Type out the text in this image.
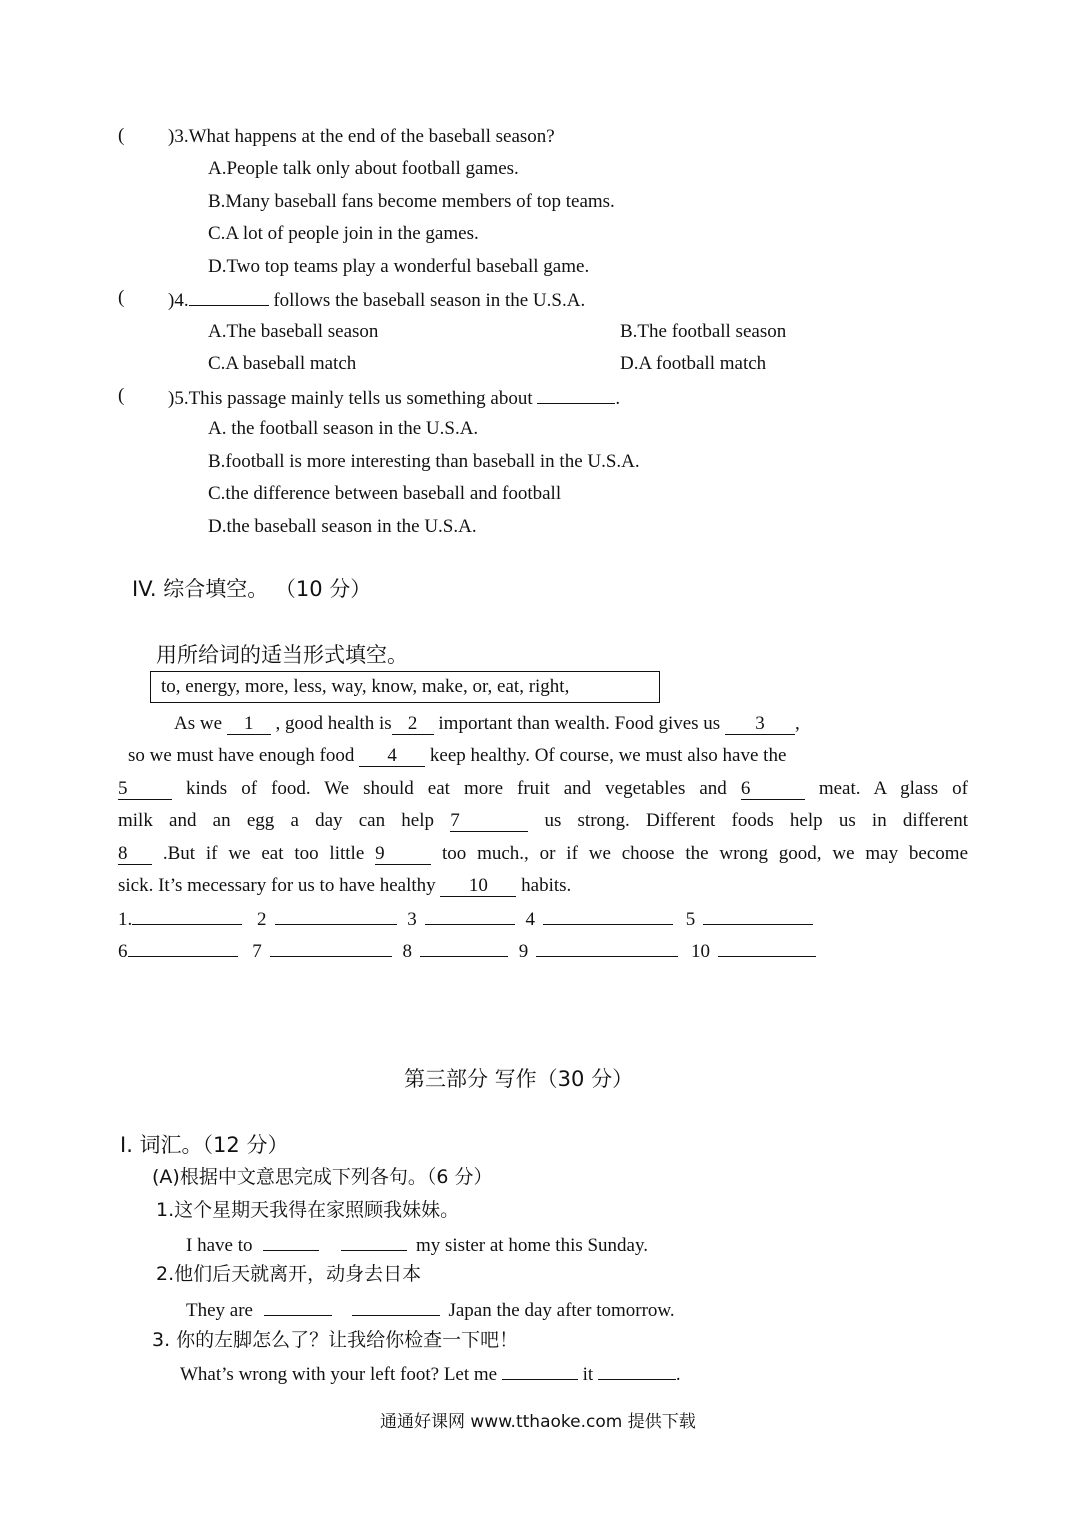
( )3.What happens at the end of the baseball season?
A.People talk only about football games.
B.Many baseball fans become members of top teams.
C.A lot of people join in the games.
D.Two top teams play a wonderful baseball game.
( )4.	follows the baseball season in the U.S.A.
A.The baseball season	B.The football season
C.A baseball match	D.A football match
( )5.This passage mainly tells us something about	.
A. the football season in the U.S.A.
B.football is more interesting than baseball in the U.S.A.
C.the difference between baseball and football
D.the baseball season in the U.S.A.
IV. 综合填空。 （10 分）
用所给词的适当形式填空。
to, energy, more, less, way, know, make, or, eat, right,
As we 1 , good health is 2 important than wealth. Food gives us 3 ,
so we must have enough food 4 keep healthy. Of course, we must also have the
5 kinds of food. We should eat more fruit and vegetables and 6	meat. A glass of
milk and an egg a day can help 7	us strong. Different foods help us in different
8 .But if we eat too little 9 too much., or if we choose the wrong good, we may become
sick. It’s mecessary for us to have healthy 10 habits.
1.	2	3	4	5
6	7	8	9	10
第三部分 写作（30 分）
Ⅰ. 词汇。（12 分）
(A)根据中文意思完成下列各句。（6 分）
1.这个星期天我得在家照顾我妹妹。
I have to	my sister at home this Sunday.
2.他们后天就离开，动身去日本
They are	Japan the day after tomorrow.
3. 你的左脚怎么了？让我给你检查一下吧！
What’s wrong with your left foot? Let me	it	.
通通好课网 www.tthaoke.com 提供下载
